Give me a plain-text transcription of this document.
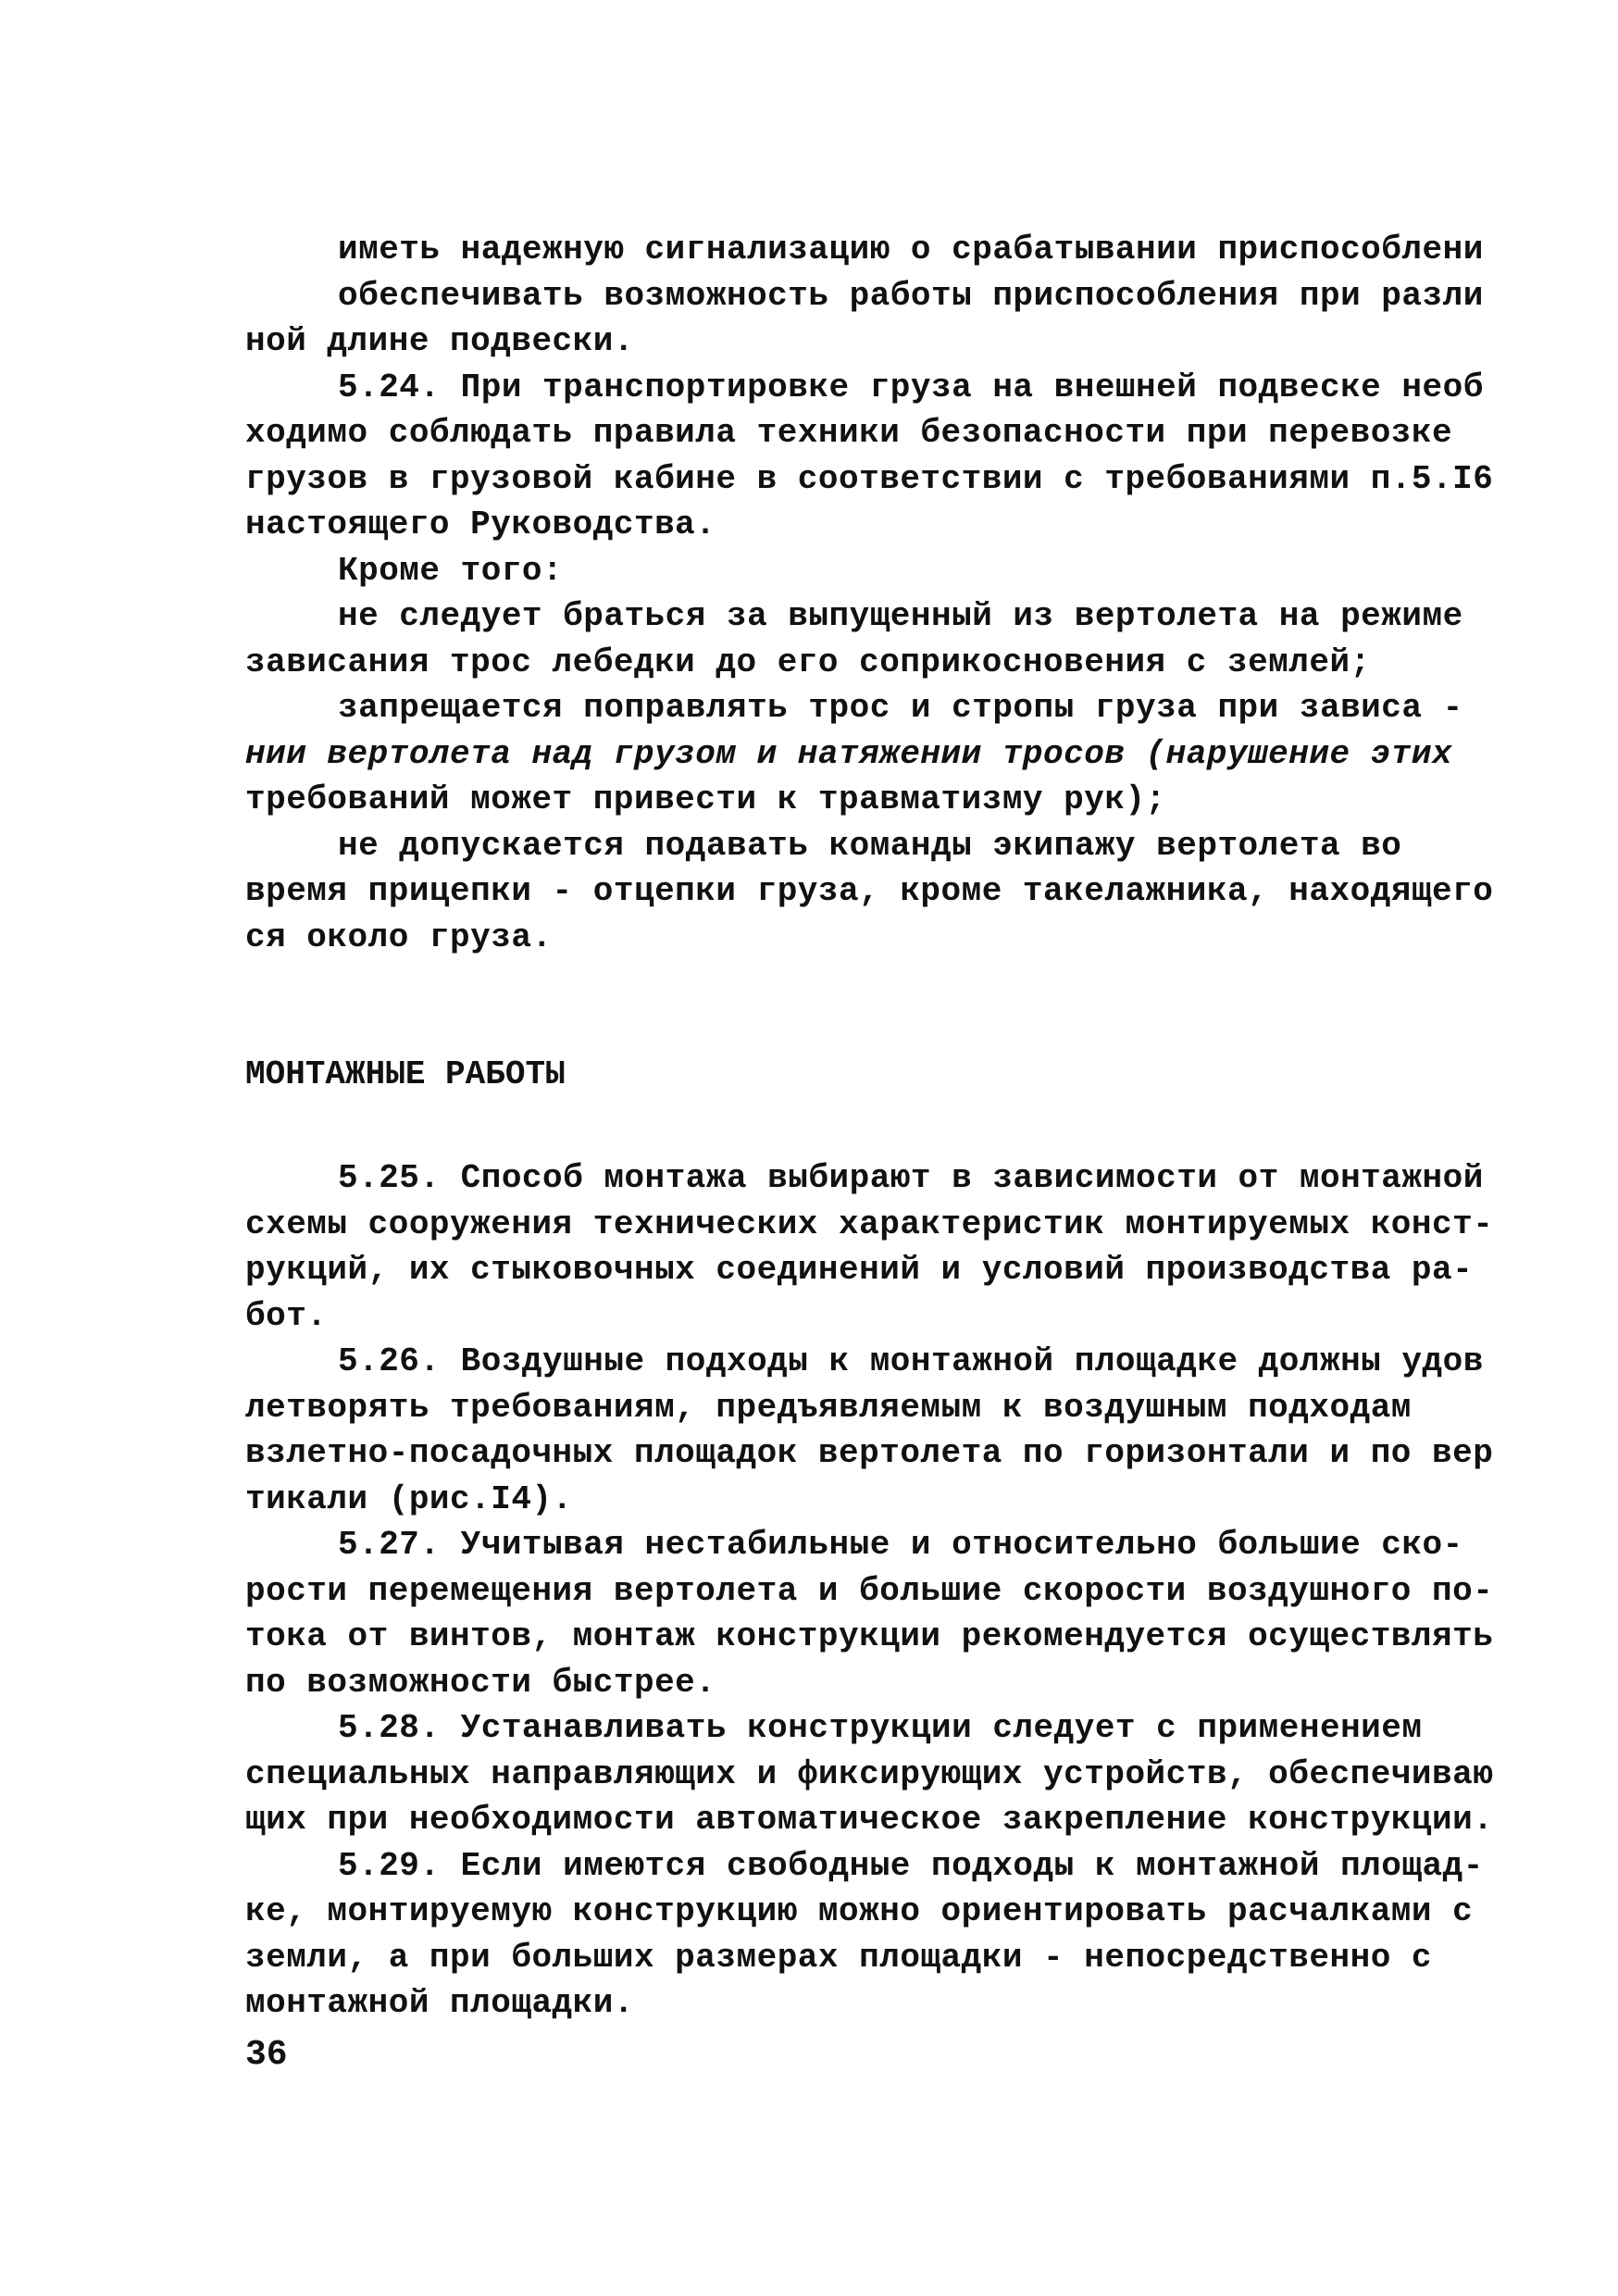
иметь надежную сигнализацию о срабатывании приспособлени
обеспечивать возможность работы приспособления при разли
ной длине подвески.
5.24. При транспортировке груза на внешней подвеске необ
ходимо соблюдать правила техники безопасности при перевозке
грузов в грузовой кабине в соответствии с требованиями п.5.I6
настоящего Руководства.
Кроме того:
не следует браться за выпущенный из вертолета на режиме
зависания трос лебедки до его соприкосновения с землей;
запрещается поправлять трос и стропы груза при зависа -
нии вертолета над грузом и натяжении тросов (нарушение этих
требований может привести к травматизму рук);
не допускается подавать команды экипажу вертолета во
время прицепки - отцепки груза, кроме такелажника, находящего
ся около груза.
МОНТАЖНЫЕ РАБОТЫ
5.25. Способ монтажа выбирают в зависимости от монтажной
схемы сооружения технических характеристик монтируемых конст-
рукций, их стыковочных соединений и условий производства ра-
бот.
5.26. Воздушные подходы к монтажной площадке должны удов
летворять требованиям, предъявляемым к воздушным подходам
взлетно-посадочных площадок вертолета по горизонтали и по вер
тикали (рис.I4).
5.27. Учитывая нестабильные и относительно большие ско-
рости перемещения вертолета и большие скорости воздушного по-
тока от винтов, монтаж конструкции рекомендуется осуществлять
по возможности быстрее.
5.28. Устанавливать конструкции следует с применением
специальных направляющих и фиксирующих устройств, обеспечиваю
щих при необходимости автоматическое закрепление конструкции.
5.29. Если имеются свободные подходы к монтажной площад-
ке, монтируемую конструкцию можно ориентировать расчалками с
земли, а при больших размерах площадки - непосредственно с
монтажной площадки.
36
